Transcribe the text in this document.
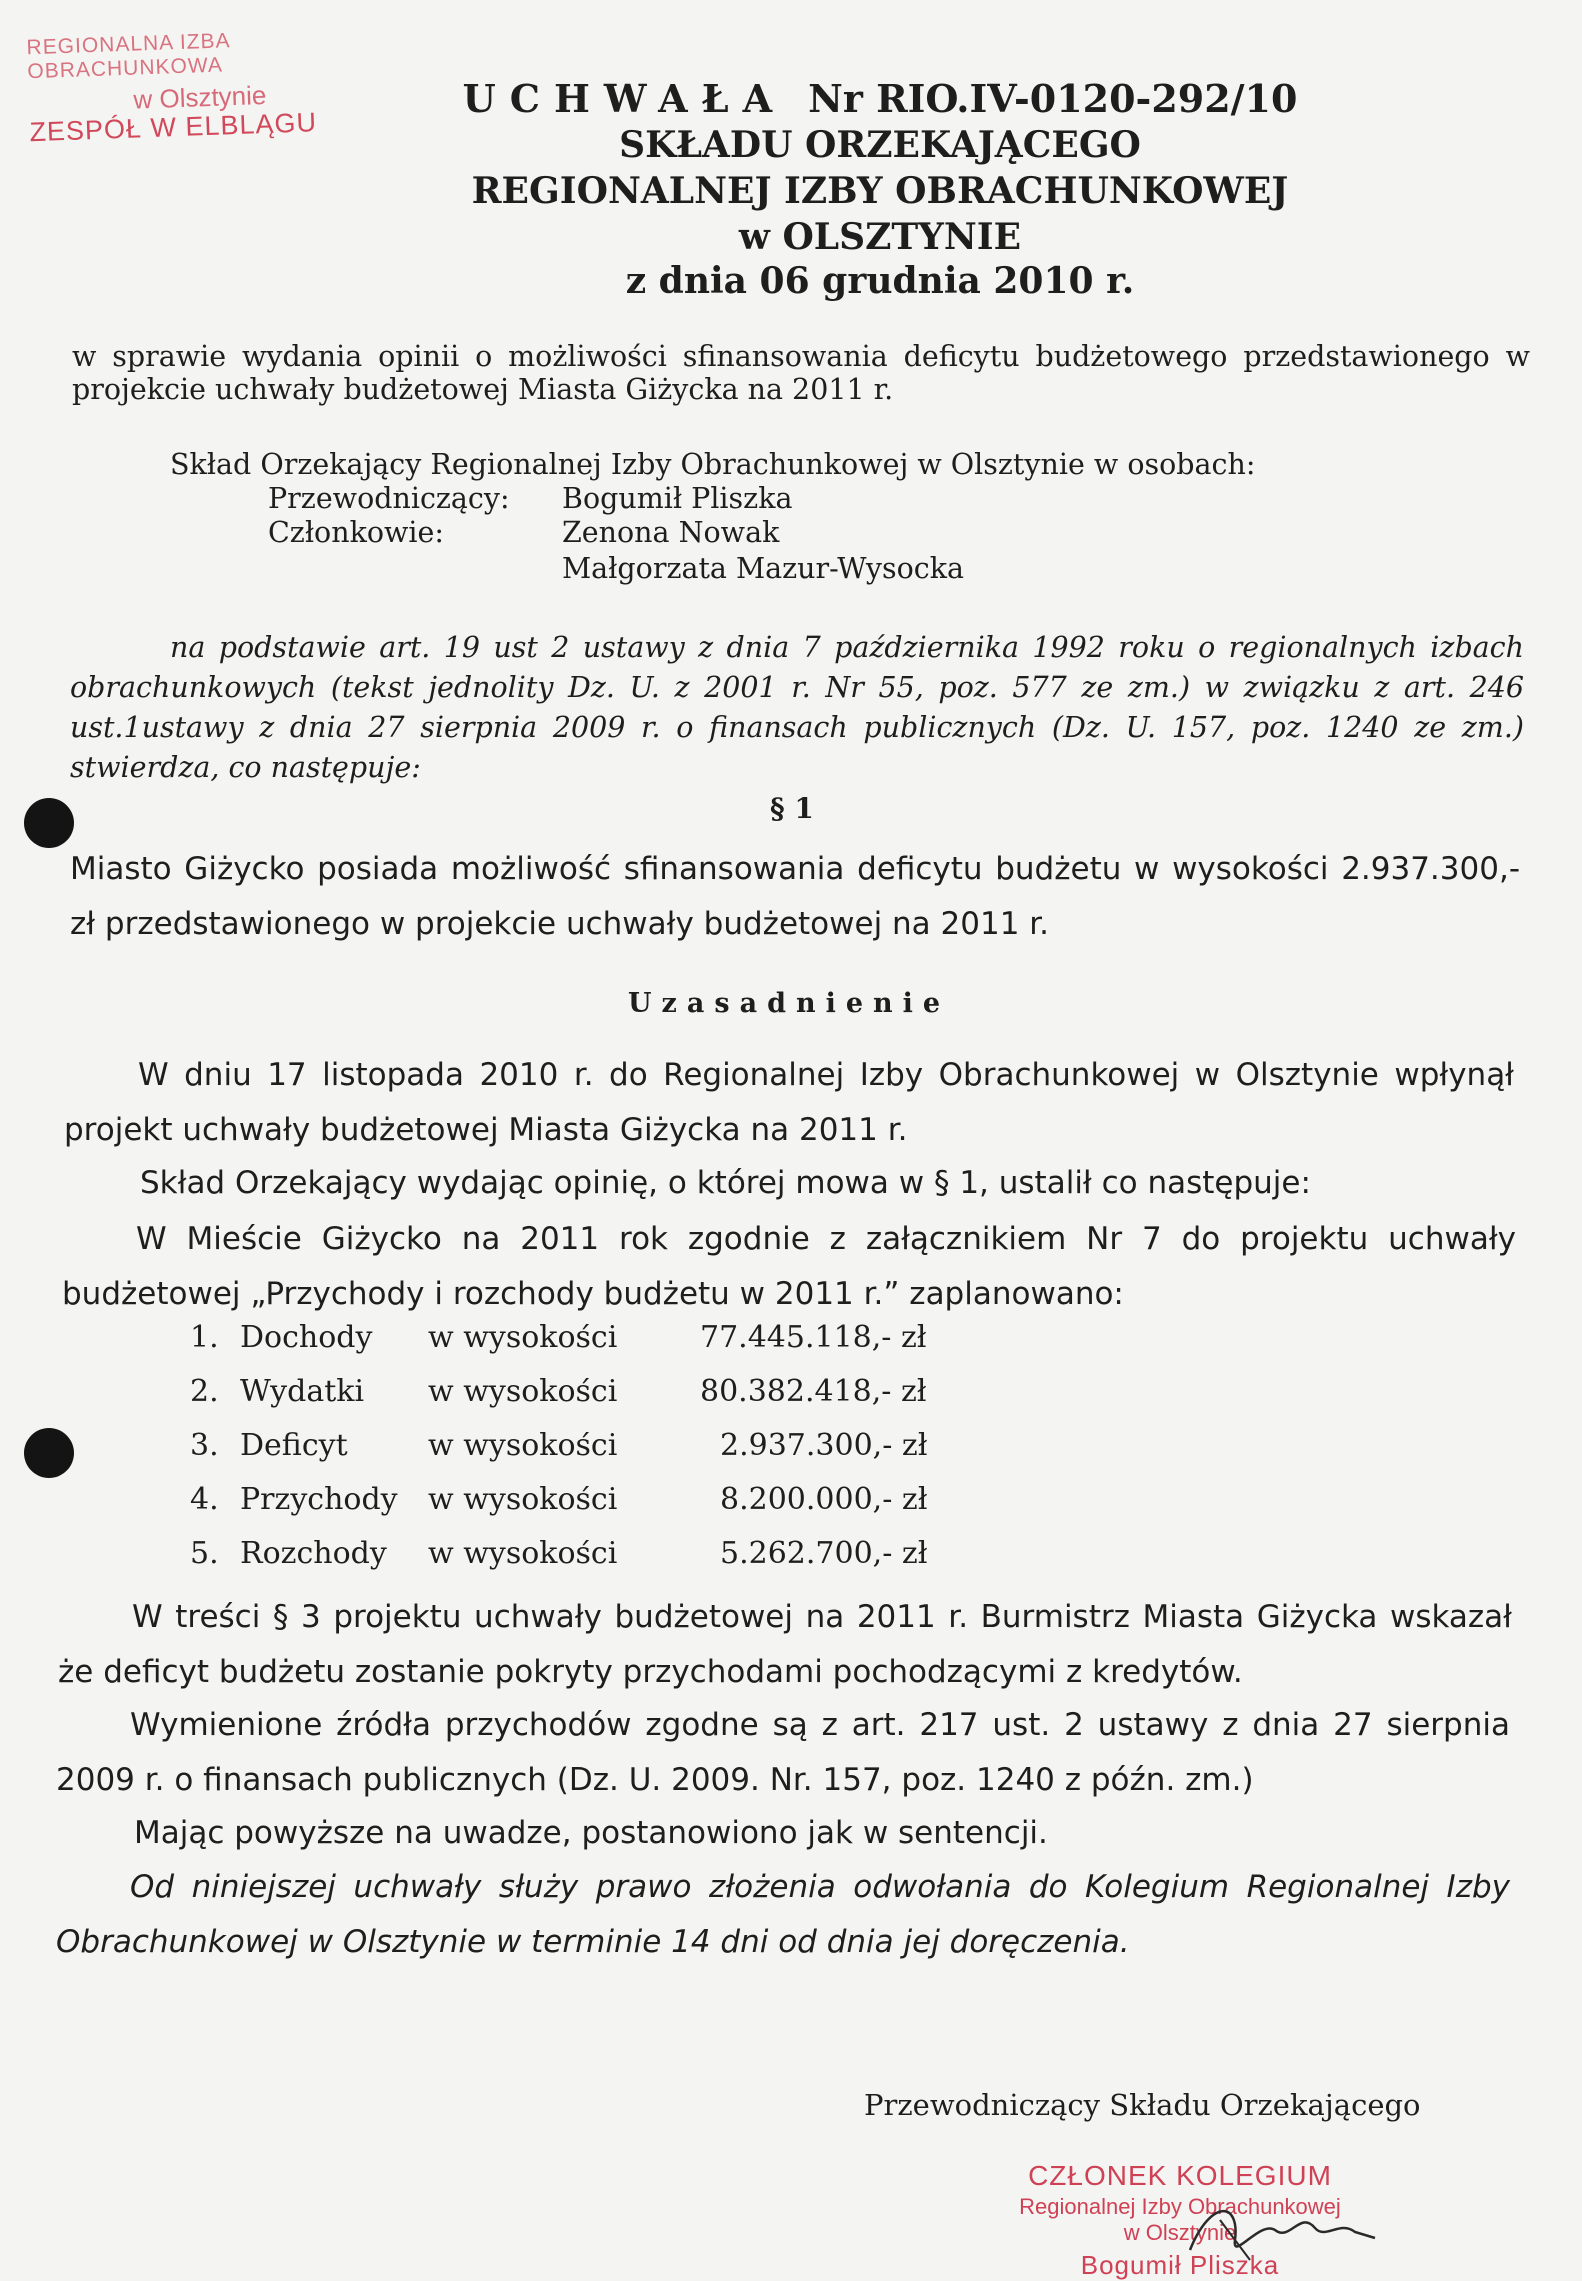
REGIONALNA IZBA OBRACHUNKOWA
w Olsztynie
ZESPÓŁ W ELBLĄGU
UCHWAŁA Nr RIO.IV-0120-292/10
SKŁADU ORZEKAJĄCEGO
REGIONALNEJ IZBY OBRACHUNKOWEJ
w OLSZTYNIE
z dnia 06 grudnia 2010 r.
w sprawie wydania opinii o możliwości sfinansowania deficytu budżetowego przedstawionego w projekcie uchwały budżetowej Miasta Giżycka na 2011 r.
Skład Orzekający Regionalnej Izby Obrachunkowej w Olsztynie w osobach:
Przewodniczący: Bogumił Pliszka
Członkowie:	Zenona Nowak
Małgorzata Mazur-Wysocka
na podstawie art. 19 ust 2 ustawy z dnia 7 października 1992 roku o regionalnych izbach obrachunkowych (tekst jednolity Dz. U. z 2001 r. Nr 55, poz. 577 ze zm.) w związku z art. 246 ust.1ustawy z dnia 27 sierpnia 2009 r. o finansach publicznych (Dz. U. 157, poz. 1240 ze zm.) stwierdza, co następuje:
§ 1
Miasto Giżycko posiada możliwość sfinansowania deficytu budżetu w wysokości 2.937.300,- zł przedstawionego w projekcie uchwały budżetowej na 2011 r.
Uzasadnienie
W dniu 17 listopada 2010 r. do Regionalnej Izby Obrachunkowej w Olsztynie wpłynął projekt uchwały budżetowej Miasta Giżycka na 2011 r.
Skład Orzekający wydając opinię, o której mowa w § 1, ustalił co następuje:
W Mieście Giżycko na 2011 rok zgodnie z załącznikiem Nr 7 do projektu uchwały budżetowej „Przychody i rozchody budżetu w 2011 r.” zaplanowano:
1. Dochody w wysokości	77.445.118,- zł
2. Wydatki w wysokości	80.382.418,- zł
3. Deficyt	w wysokości	2.937.300,- zł
4. Przychody w wysokości	8.200.000,- zł
5. Rozchody w wysokości	5.262.700,- zł
W treści § 3 projektu uchwały budżetowej na 2011 r. Burmistrz Miasta Giżycka wskazał że deficyt budżetu zostanie pokryty przychodami pochodzącymi z kredytów.
Wymienione źródła przychodów zgodne są z art. 217 ust. 2 ustawy z dnia 27 sierpnia 2009 r. o finansach publicznych (Dz. U. 2009. Nr. 157, poz. 1240 z późn. zm.)
Mając powyższe na uwadze, postanowiono jak w sentencji.
Od niniejszej uchwały służy prawo złożenia odwołania do Kolegium Regionalnej Izby Obrachunkowej w Olsztynie w terminie 14 dni od dnia jej doręczenia.
Przewodniczący Składu Orzekającego
CZŁONEK KOLEGIUM
Regionalnej Izby Obrachunkowej
w Olsztynie
Bogumił Pliszka
